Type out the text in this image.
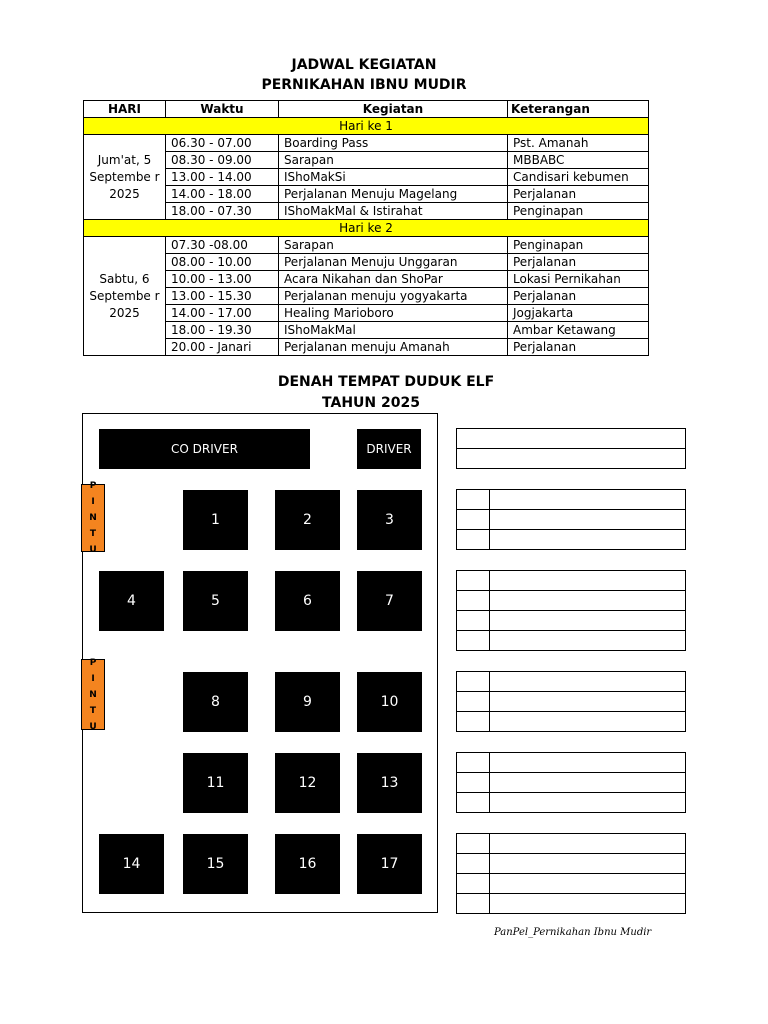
JADWAL KEGIATAN
PERNIKAHAN IBNU MUDIR
HARI	Waktu	Kegiatan	Keterangan
Hari ke 1			
Jum'at, 5 Septembe r 2025	06.30 - 07.00	Boarding Pass	Pst. Amanah
	08.30 - 09.00	Sarapan	MBBABC
	13.00 - 14.00	IShoMakSi	Candisari kebumen
	14.00 - 18.00	Perjalanan Menuju Magelang	Perjalanan
	18.00 - 07.30	IShoMakMal & Istirahat	Penginapan
Hari ke 2			
Sabtu, 6 Septembe r 2025	07.30 -08.00	Sarapan	Penginapan
	08.00 - 10.00	Perjalanan Menuju Unggaran	Perjalanan
	10.00 - 13.00	Acara Nikahan dan ShoPar	Lokasi Pernikahan
	13.00 - 15.30	Perjalanan menuju yogyakarta	Perjalanan
	14.00 - 17.00	Healing Marioboro	Jogjakarta
	18.00 - 19.30	IShoMakMal	Ambar Ketawang
	20.00 - Janari	Perjalanan menuju Amanah	Perjalanan
DENAH TEMPAT DUDUK ELF
TAHUN 2025
CO DRIVER	DRIVER
P
I
N
T
U
P
I
N
T
U
1	2	3
4	5	6	7
8	9	10
11	12	13
14	15	16	17

PanPel_Pernikahan Ibnu Mudir
